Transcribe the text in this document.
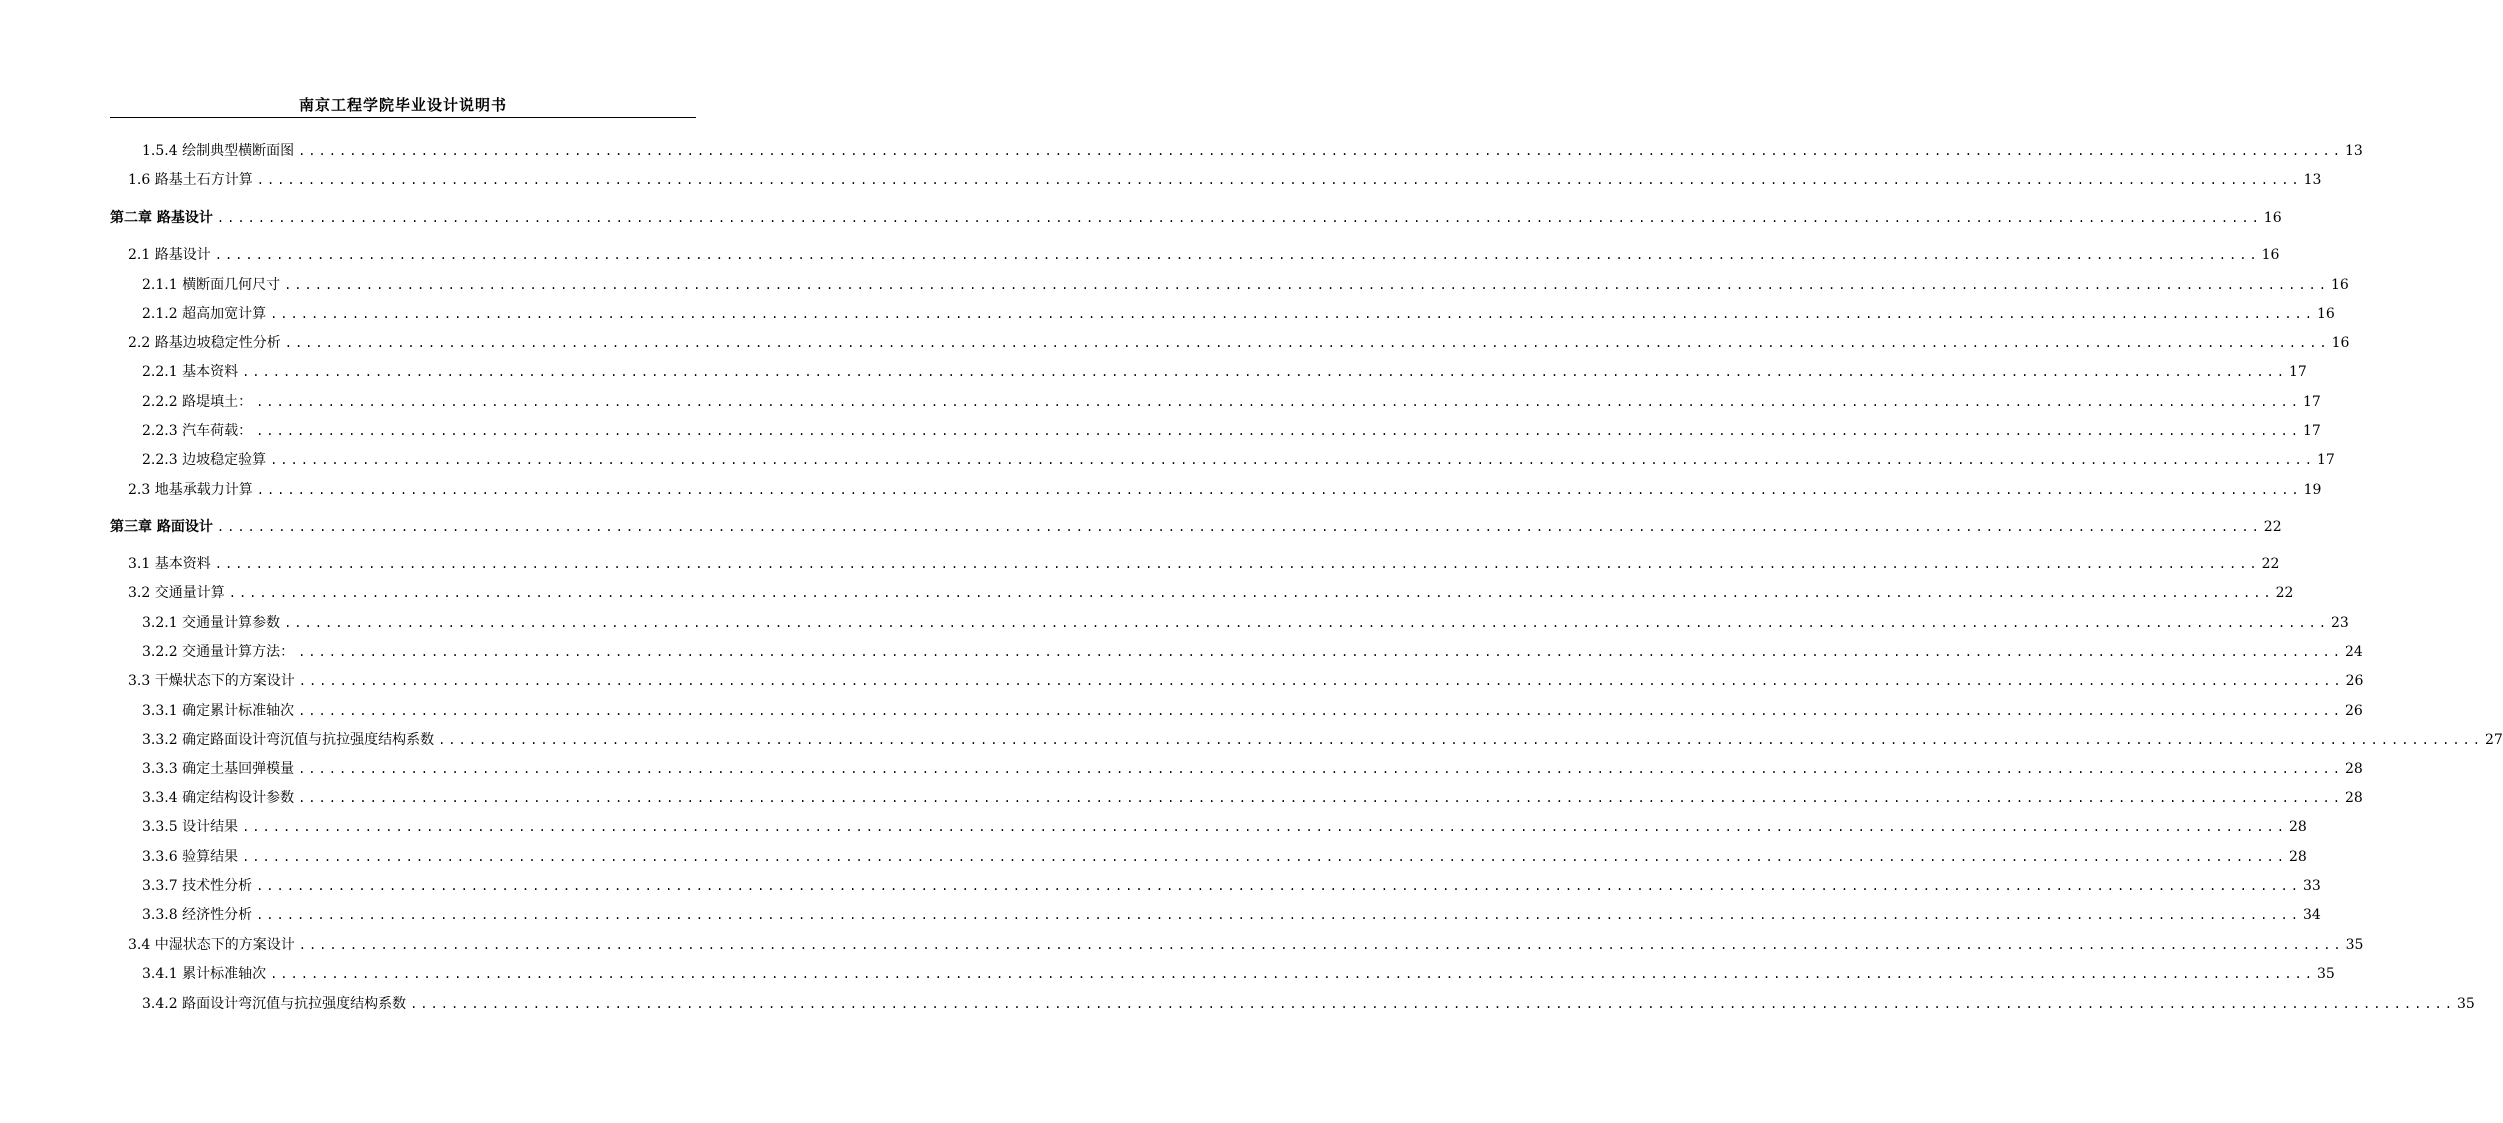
南京工程学院毕业设计说明书
1.5.4 绘制典型横断面图 ........................................................................................................................................................................................................ 13
1.6 路基土石方计算 ........................................................................................................................................................................................................ 13
第二章 路基设计 ........................................................................................................................................................................................................ 16
2.1 路基设计 ........................................................................................................................................................................................................ 16
2.1.1 横断面几何尺寸 ........................................................................................................................................................................................................ 16
2.1.2 超高加宽计算 ........................................................................................................................................................................................................ 16
2.2 路基边坡稳定性分析 ........................................................................................................................................................................................................ 16
2.2.1 基本资料 ........................................................................................................................................................................................................ 17
2.2.2 路堤填土： ........................................................................................................................................................................................................ 17
2.2.3 汽车荷载： ........................................................................................................................................................................................................ 17
2.2.3 边坡稳定验算 ........................................................................................................................................................................................................ 17
2.3 地基承载力计算 ........................................................................................................................................................................................................ 19
第三章 路面设计 ........................................................................................................................................................................................................ 22
3.1 基本资料 ........................................................................................................................................................................................................ 22
3.2 交通量计算 ........................................................................................................................................................................................................ 22
3.2.1 交通量计算参数 ........................................................................................................................................................................................................ 23
3.2.2 交通量计算方法： ........................................................................................................................................................................................................ 24
3.3 干燥状态下的方案设计 ........................................................................................................................................................................................................ 26
3.3.1 确定累计标准轴次 ........................................................................................................................................................................................................ 26
3.3.2 确定路面设计弯沉值与抗拉强度结构系数 ........................................................................................................................................................................................................ 27
3.3.3 确定土基回弹模量 ........................................................................................................................................................................................................ 28
3.3.4 确定结构设计参数 ........................................................................................................................................................................................................ 28
3.3.5 设计结果 ........................................................................................................................................................................................................ 28
3.3.6 验算结果 ........................................................................................................................................................................................................ 28
3.3.7 技术性分析 ........................................................................................................................................................................................................ 33
3.3.8 经济性分析 ........................................................................................................................................................................................................ 34
3.4 中湿状态下的方案设计 ........................................................................................................................................................................................................ 35
3.4.1 累计标准轴次 ........................................................................................................................................................................................................ 35
3.4.2 路面设计弯沉值与抗拉强度结构系数 ........................................................................................................................................................................................................ 35
